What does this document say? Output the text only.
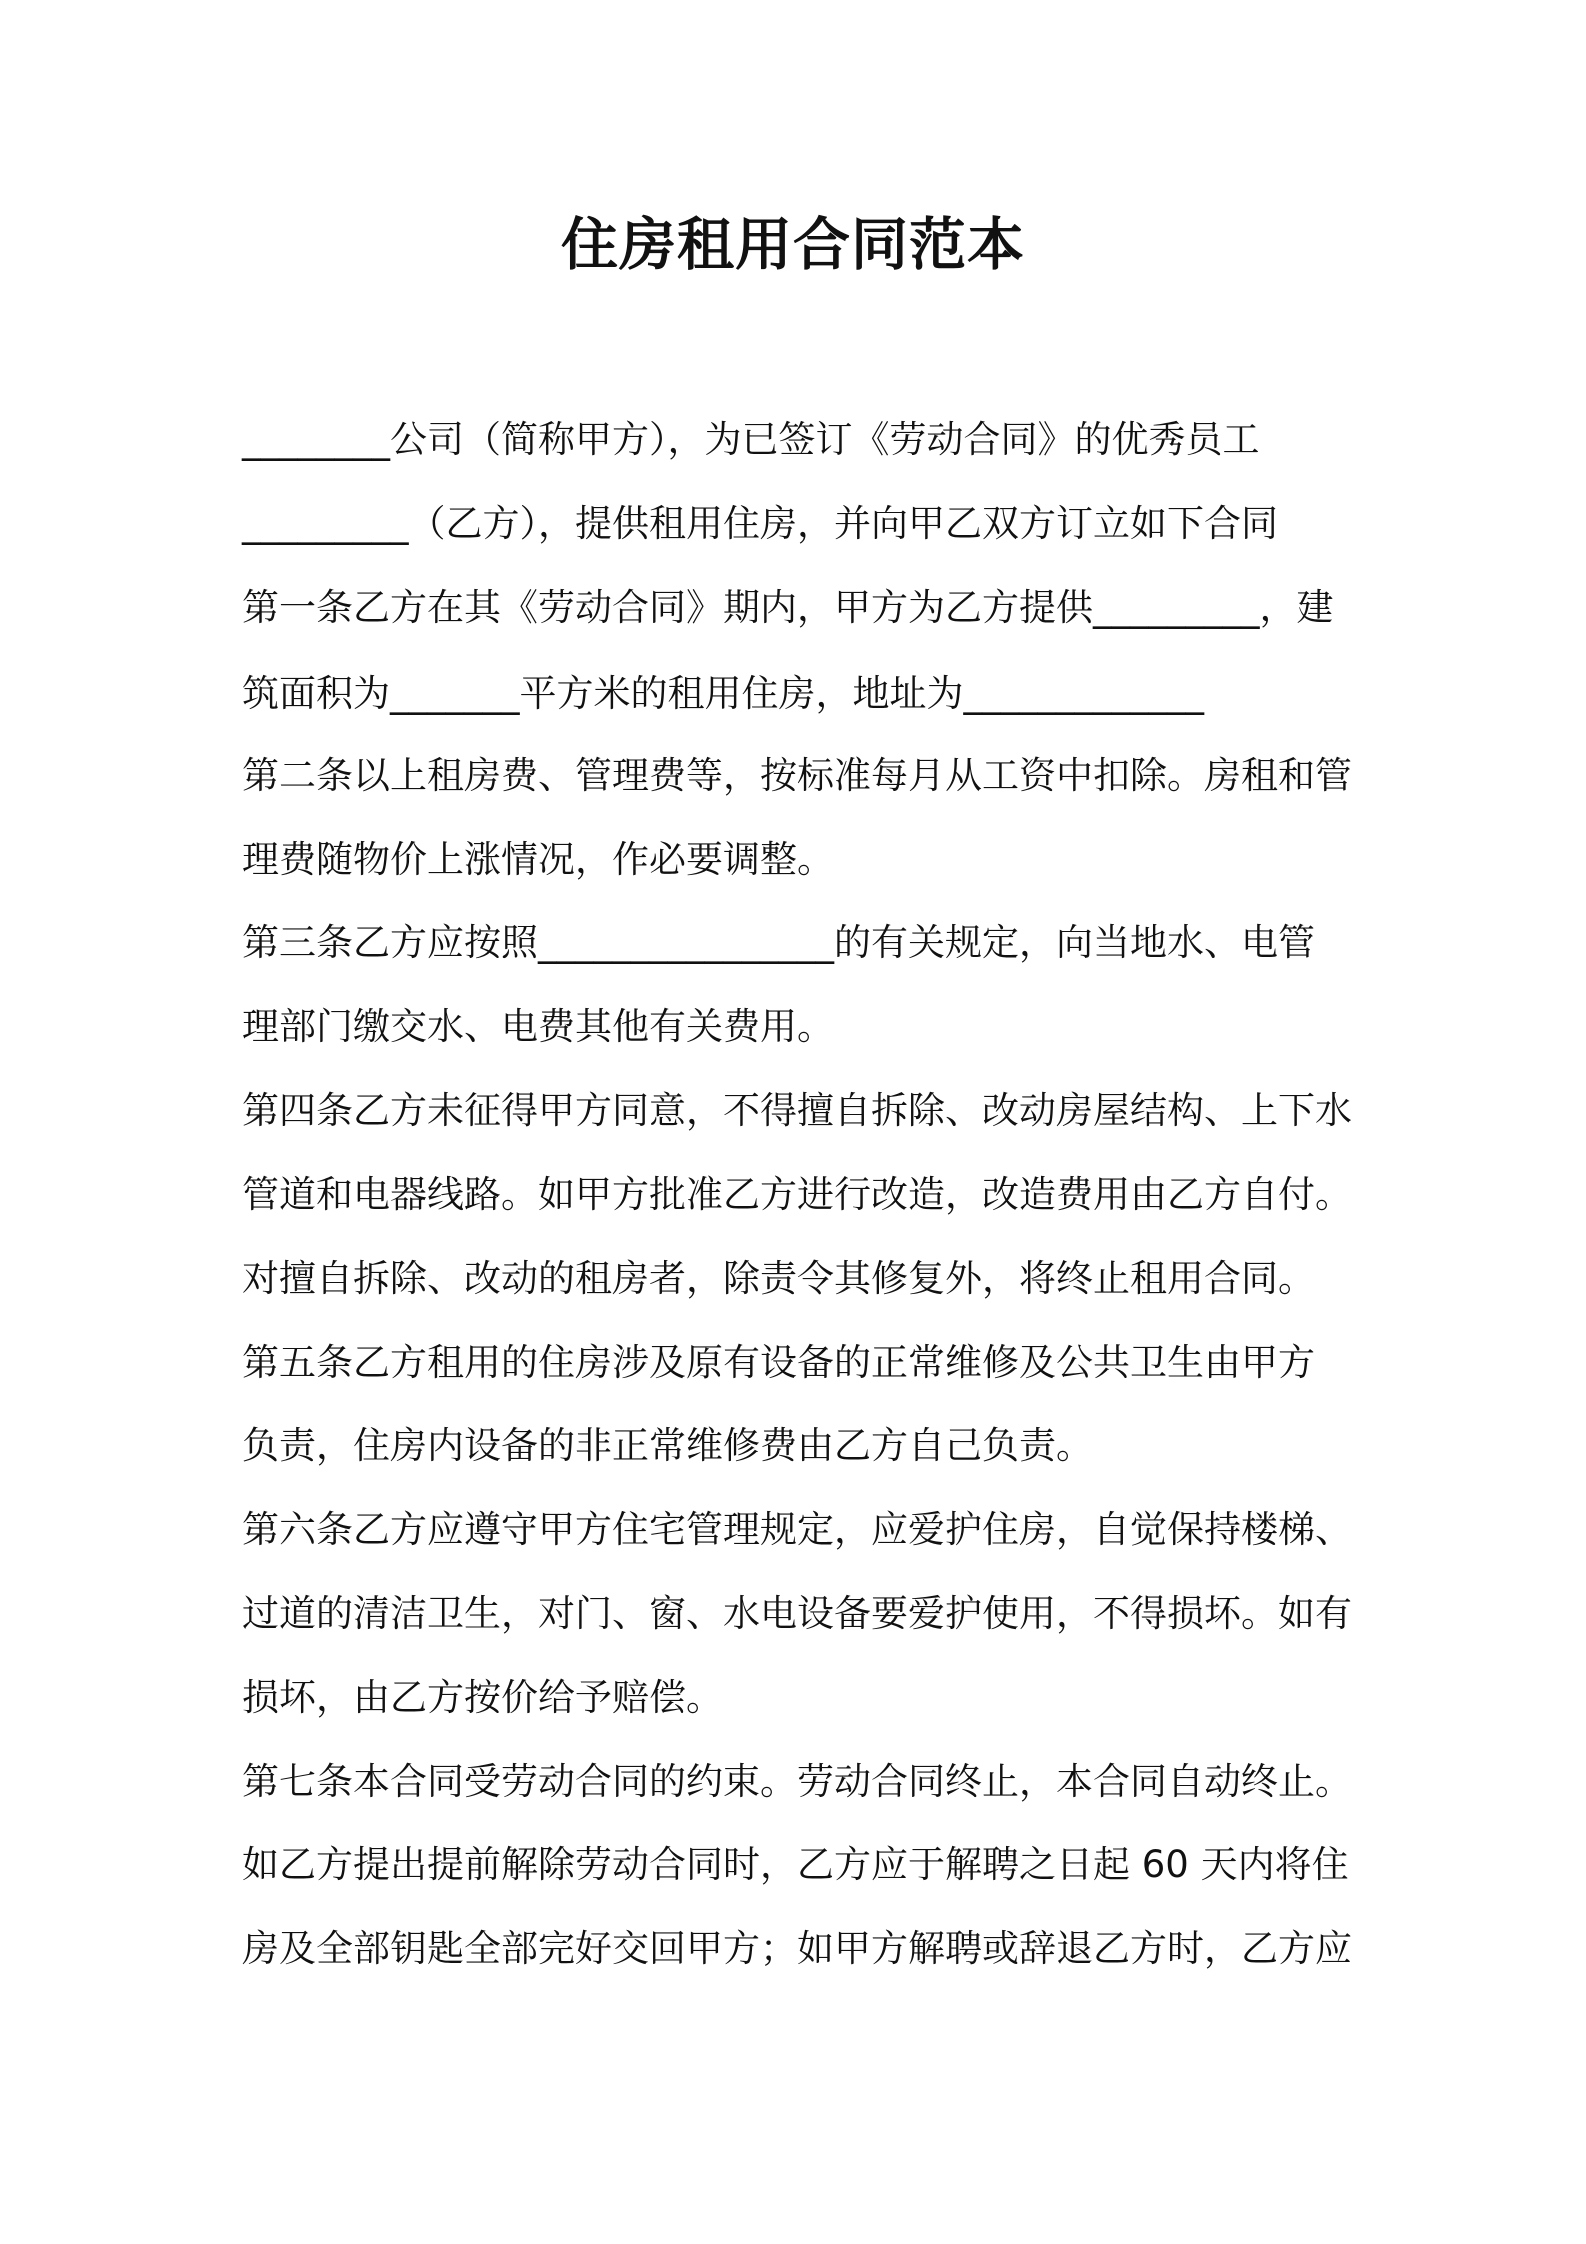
住房租用合同范本
________公司（简称甲方），为已签订《劳动合同》的优秀员工
_________（乙方），提供租用住房，并向甲乙双方订立如下合同
第一条乙方在其《劳动合同》期内，甲方为乙方提供_________，建
筑面积为_______平方米的租用住房，地址为_____________
第二条以上租房费、管理费等，按标准每月从工资中扣除。房租和管
理费随物价上涨情况，作必要调整。
第三条乙方应按照________________的有关规定，向当地水、电管
理部门缴交水、电费其他有关费用。
第四条乙方未征得甲方同意，不得擅自拆除、改动房屋结构、上下水
管道和电器线路。如甲方批准乙方进行改造，改造费用由乙方自付。
对擅自拆除、改动的租房者，除责令其修复外，将终止租用合同。
第五条乙方租用的住房涉及原有设备的正常维修及公共卫生由甲方
负责，住房内设备的非正常维修费由乙方自己负责。
第六条乙方应遵守甲方住宅管理规定，应爱护住房，自觉保持楼梯、
过道的清洁卫生，对门、窗、水电设备要爱护使用，不得损坏。如有
损坏，由乙方按价给予赔偿。
第七条本合同受劳动合同的约束。劳动合同终止，本合同自动终止。
如乙方提出提前解除劳动合同时，乙方应于解聘之日起 60 天内将住
房及全部钥匙全部完好交回甲方；如甲方解聘或辞退乙方时，乙方应
